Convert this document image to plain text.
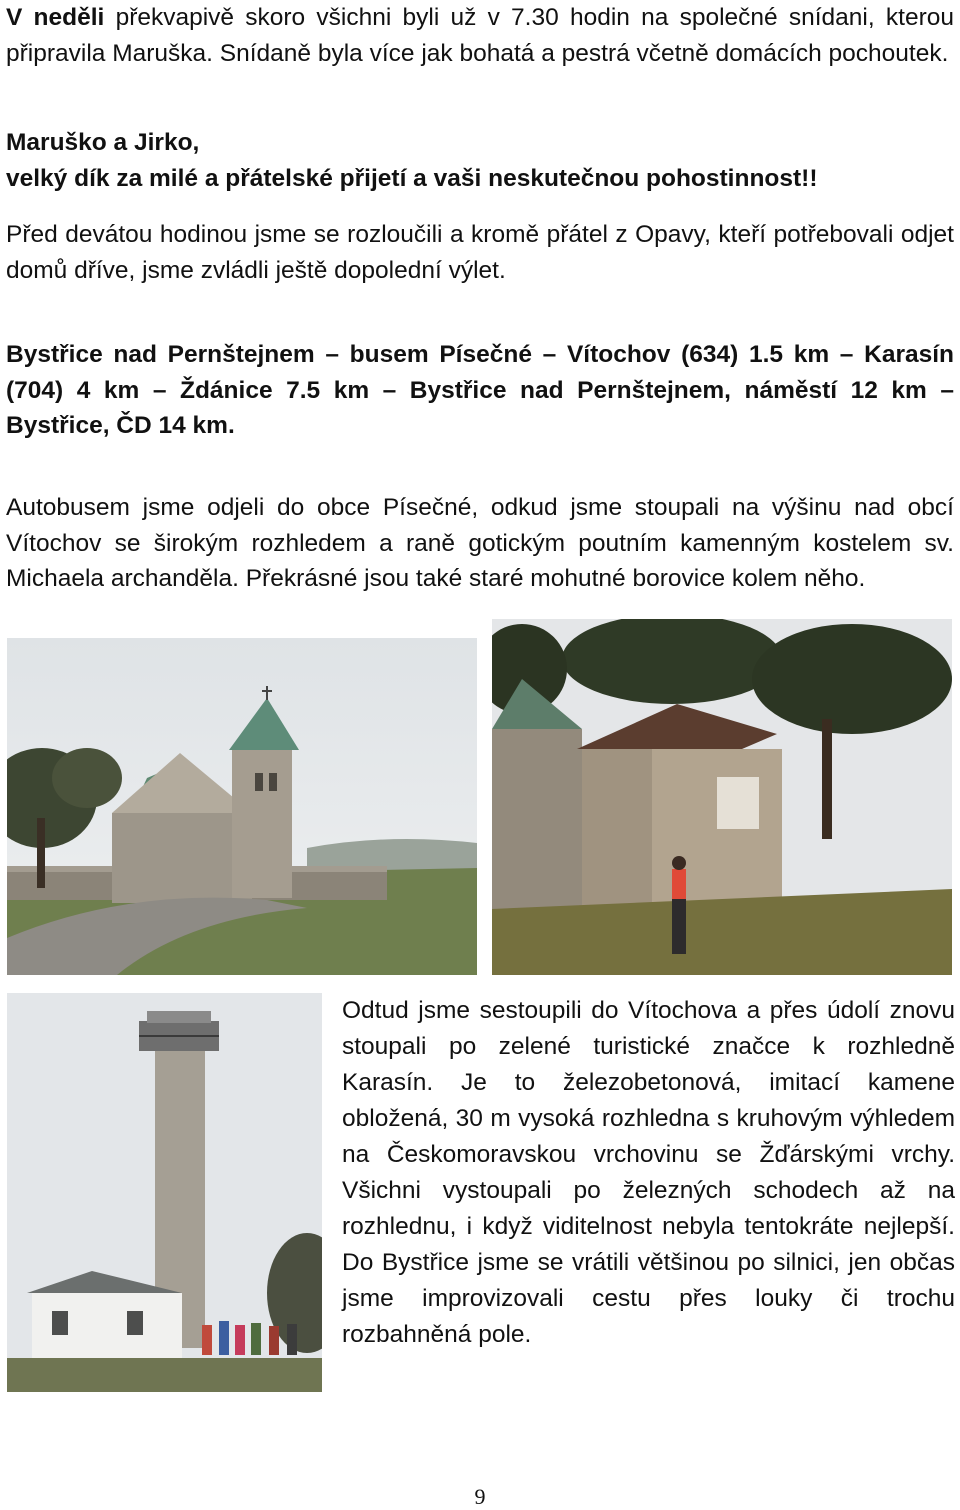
V neděli překvapivě skoro všichni byli už v 7.30 hodin na společné snídani, kterou připravila Maruška. Snídaně byla více jak bohatá a pestrá včetně domácích pochoutek.

Maruško a Jirko,
velký dík za milé a přátelské přijetí a vaši neskutečnou pohostinnost!!

Před devátou hodinou jsme se rozloučili a kromě přátel z Opavy, kteří potřebovali odjet domů dříve, jsme zvládli ještě dopolední výlet.

Bystřice nad Pernštejnem – busem Písečné – Vítochov (634) 1.5 km – Karasín (704) 4 km – Ždánice 7.5 km – Bystřice nad Pernštejnem, náměstí 12 km – Bystřice, ČD 14 km.

Autobusem jsme odjeli do obce Písečné, odkud jsme stoupali na výšinu nad obcí Vítochov se širokým rozhledem a raně gotickým poutním kamenným kostelem sv. Michaela archanděla. Překrásné jsou také staré mohutné borovice kolem něho.

Odtud jsme sestoupili do Vítochova a přes údolí znovu stoupali po zelené turistické značce k rozhledně Karasín. Je to železobetonová, imitací kamene obložená, 30 m vysoká rozhledna s kruhovým výhledem na Českomoravskou vrchovinu se Žďárskými vrchy. Všichni vystoupali po železných schodech až na rozhlednu, i když viditelnost nebyla tentokráte nejlepší. Do Bystřice jsme se vrátili většinou po silnici, jen občas jsme improvizovali cestu přes louky či trochu rozbahněná pole.

9
